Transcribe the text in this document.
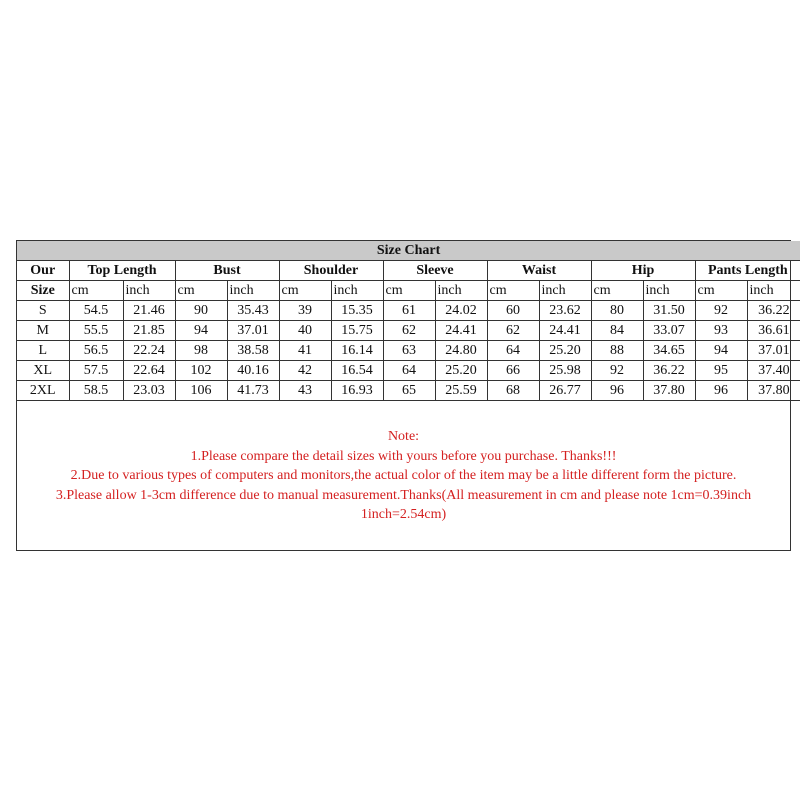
Size Chart														
Our	Top Length		Bust		Shoulder		Sleeve		Waist		Hip		Pants Length	
Size	cm	inch	cm	inch	cm	inch	cm	inch	cm	inch	cm	inch	cm	inch
S	54.5	21.46	90	35.43	39	15.35	61	24.02	60	23.62	80	31.50	92	36.22
M	55.5	21.85	94	37.01	40	15.75	62	24.41	62	24.41	84	33.07	93	36.61
L	56.5	22.24	98	38.58	41	16.14	63	24.80	64	25.20	88	34.65	94	37.01
XL	57.5	22.64	102	40.16	42	16.54	64	25.20	66	25.98	92	36.22	95	37.40
2XL	58.5	23.03	106	41.73	43	16.93	65	25.59	68	26.77	96	37.80	96	37.80
Note:
1.Please compare the detail sizes with yours before you purchase. Thanks!!!
2.Due to various types of computers and monitors,the actual color of the item may be a little different form the picture.
3.Please allow 1-3cm difference due to manual measurement.Thanks(All measurement in cm and please note 1cm=0.39inch
1inch=2.54cm)
